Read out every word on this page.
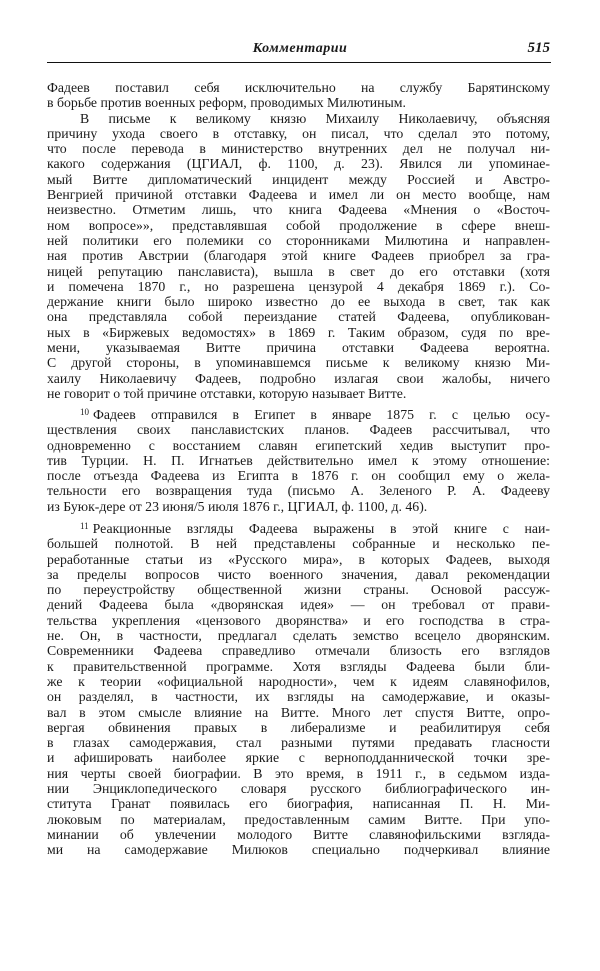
Комментарии	515
Фадеев поставил себя исключительно на службу Барятинскому
в борьбе против военных реформ, проводимых Милютиным.
В письме к великому князю Михаилу Николаевичу, объясняя
причину ухода своего в отставку, он писал, что сделал это потому,
что после перевода в министерство внутренних дел не получал ни-
какого содержания (ЦГИАЛ, ф. 1100, д. 23). Явился ли упоминае-
мый Витте дипломатический инцидент между Россией и Австро-
Венгрией причиной отставки Фадеева и имел ли он место вообще, нам
неизвестно. Отметим лишь, что книга Фадеева «Мнения о «Восточ-
ном вопросе»», представлявшая собой продолжение в сфере внеш-
ней политики его полемики со сторонниками Милютина и направлен-
ная против Австрии (благодаря этой книге Фадеев приобрел за гра-
ницей репутацию панслависта), вышла в свет до его отставки (хотя
и помечена 1870 г., но разрешена цензурой 4 декабря 1869 г.). Со-
держание книги было широко известно до ее выхода в свет, так как
она представляла собой переиздание статей Фадеева, опубликован-
ных в «Биржевых ведомостях» в 1869 г. Таким образом, судя по вре-
мени, указываемая Витте причина отставки Фадеева вероятна.
С другой стороны, в упоминавшемся письме к великому князю Ми-
хаилу Николаевичу Фадеев, подробно излагая свои жалобы, ничего
не говорит о той причине отставки, которую называет Витте.
$^{10}$ Фадеев отправился в Египет в январе 1875 г. с целью осу-
ществления своих панславистских планов. Фадеев рассчитывал, что
одновременно с восстанием славян египетский хедив выступит про-
тив Турции. Н. П. Игнатьев действительно имел к этому отношение:
после отъезда Фадеева из Египта в 1876 г. он сообщил ему о жела-
тельности его возвращения туда (письмо А. Зеленого Р. А. Фадееву
из Буюк-дере от 23 июня/5 июля 1876 г., ЦГИАЛ, ф. 1100, д. 46).
$^{11}$ Реакционные взгляды Фадеева выражены в этой книге с наи-
большей полнотой. В ней представлены собранные и несколько пе-
реработанные статьи из «Русского мира», в которых Фадеев, выходя
за пределы вопросов чисто военного значения, давал рекомендации
по переустройству общественной жизни страны. Основой рассуж-
дений Фадеева была «дворянская идея» — он требовал от прави-
тельства укрепления «цензового дворянства» и его господства в стра-
не. Он, в частности, предлагал сделать земство всецело дворянским.
Современники Фадеева справедливо отмечали близость его взглядов
к правительственной программе. Хотя взгляды Фадеева были бли-
же к теории «официальной народности», чем к идеям славянофилов,
он разделял, в частности, их взгляды на самодержавие, и оказы-
вал в этом смысле влияние на Витте. Много лет спустя Витте, опро-
вергая обвинения правых в либерализме и реабилитируя себя
в глазах самодержавия, стал разными путями предавать гласности
и афишировать наиболее яркие с верноподданнической точки зре-
ния черты своей биографии. В это время, в 1911 г., в седьмом изда-
нии Энциклопедического словаря русского библиографического ин-
ститута Гранат появилась его биография, написанная П. Н. Ми-
люковым по материалам, предоставленным самим Витте. При упо-
минании об увлечении молодого Витте славянофильскими взгляда-
ми на самодержавие Милюков специально подчеркивал влияние
